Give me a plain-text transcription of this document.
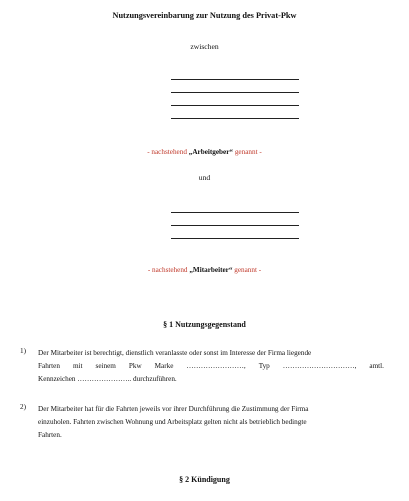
Nutzungsvereinbarung zur Nutzung des Privat-Pkw
zwischen
- nachstehend „Arbeitgeber“ genannt -
und
- nachstehend „Mitarbeiter“ genannt -
§ 1 Nutzungsgegenstand
1) Der Mitarbeiter ist berechtigt, dienstlich veranlasste oder sonst im Interesse der Firma liegende
Fahrten mit seinem Pkw Marke ……………………, Typ …………………………, amtl.
Kennzeichen ………………….. durchzuführen.
2) Der Mitarbeiter hat für die Fahrten jeweils vor ihrer Durchführung die Zustimmung der Firma
einzuholen. Fahrten zwischen Wohnung und Arbeitsplatz gelten nicht als betrieblich bedingte
Fahrten.
§ 2 Kündigung
